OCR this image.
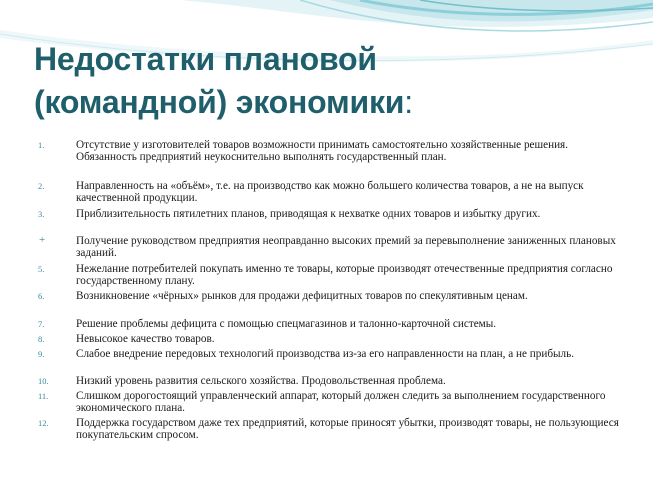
Недостатки плановой
(командной) экономики:
1.	Отсутствие у изготовителей товаров возможности принимать самостоятельно хозяйственные решения. Обязанность предприятий неукоснительно выполнять государственный план.
2.	Направленность на «объём», т.е. на производство как можно большего количества товаров, а не на выпуск качественной продукции.
3.	Приблизительность пятилетних планов, приводящая к нехватке одних товаров и избытку других.
+	Получение руководством предприятия неоправданно высоких премий за перевыполнение заниженных плановых заданий.
5.	Нежелание потребителей покупать именно те товары, которые производят отечественные предприятия согласно государственному плану.
6.	Возникновение «чёрных» рынков для продажи дефицитных товаров по спекулятивным ценам.
7.	Решение проблемы дефицита с помощью спецмагазинов и талонно-карточной системы.
8.	Невысокое качество товаров.
9.	Слабое внедрение передовых технологий производства из-за его направленности на план, а не прибыль.
10. Низкий уровень развития сельского хозяйства. Продовольственная проблема.
11. Слишком дорогостоящий управленческий аппарат, который должен следить за выполнением государственного экономического плана.
12. Поддержка государством даже тех предприятий, которые приносят убытки, производят товары, не пользующиеся покупательским спросом.
